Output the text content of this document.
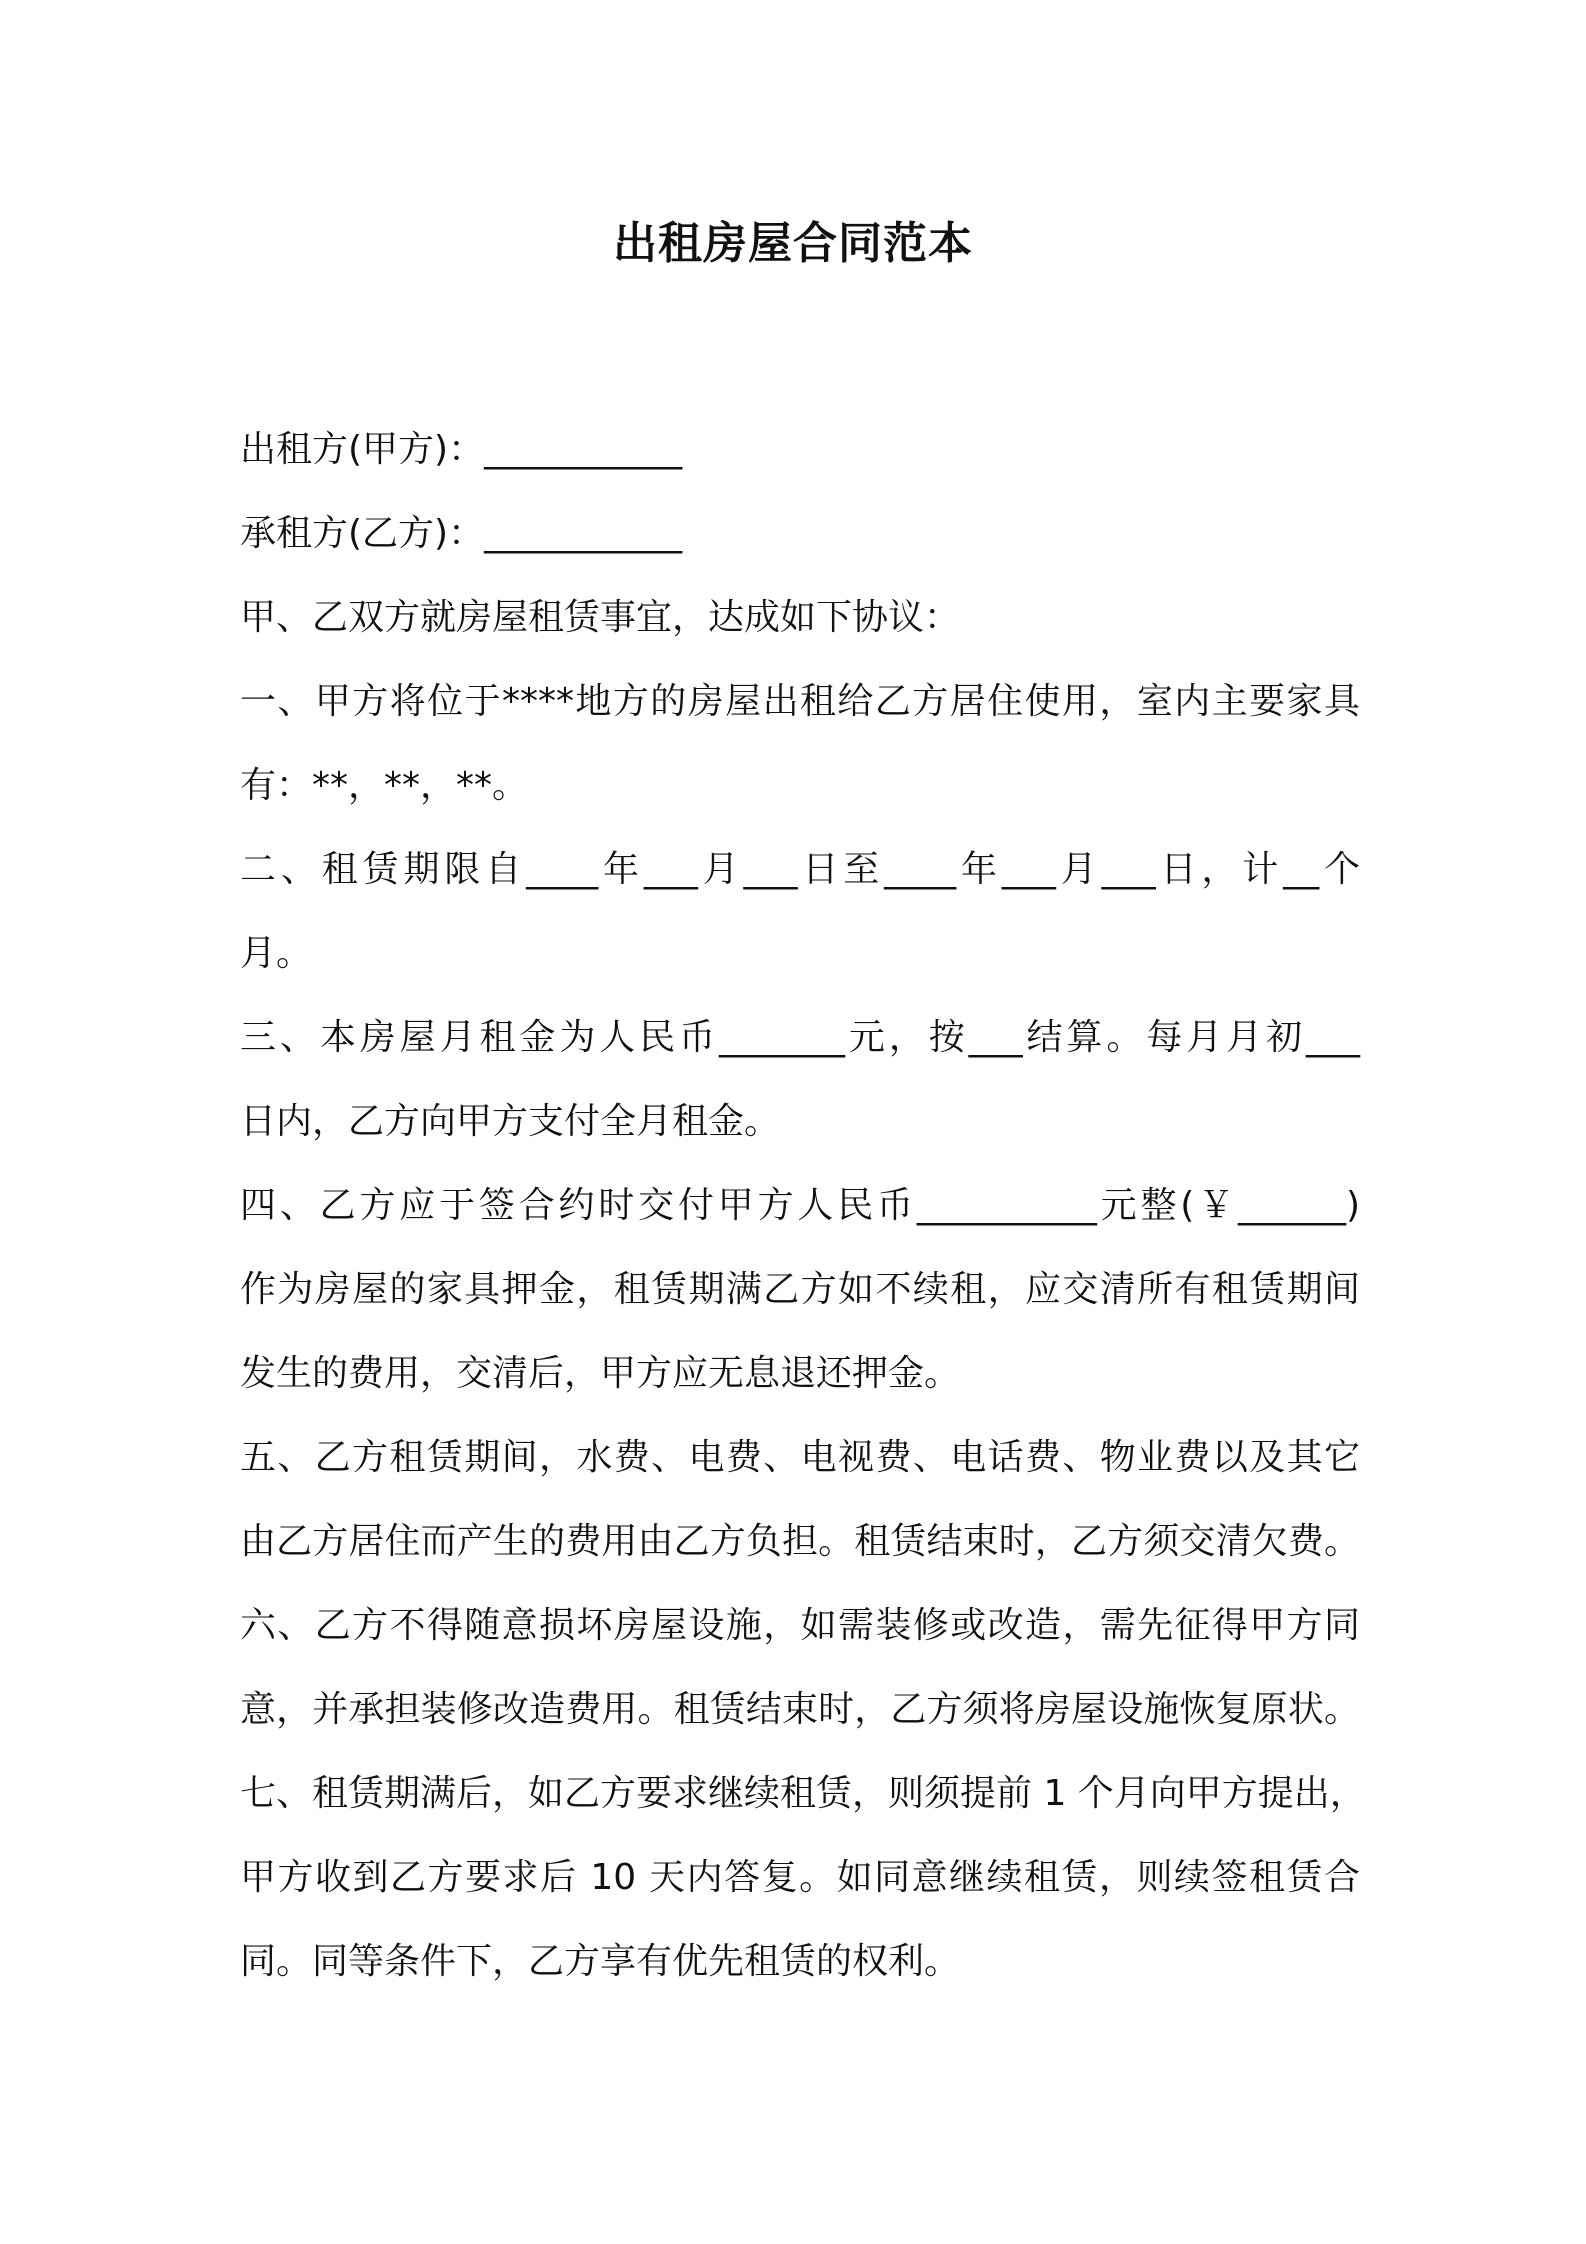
出租房屋合同范本

出租方(甲方)：___________

承租方(乙方)：___________

甲、乙双方就房屋租赁事宜，达成如下协议：

一、甲方将位于****地方的房屋出租给乙方居住使用，室内主要家具

有：**，**，**。

二、租赁期限自____年___月___日至____年___月___日，计__个

月。

三、本房屋月租金为人民币_______元，按___结算。每月月初___

日内，乙方向甲方支付全月租金。

四、乙方应于签合约时交付甲方人民币__________元整(￥______)

作为房屋的家具押金，租赁期满乙方如不续租，应交清所有租赁期间

发生的费用，交清后，甲方应无息退还押金。

五、乙方租赁期间，水费、电费、电视费、电话费、物业费以及其它

由乙方居住而产生的费用由乙方负担。租赁结束时，乙方须交清欠费。

六、乙方不得随意损坏房屋设施，如需装修或改造，需先征得甲方同

意，并承担装修改造费用。租赁结束时，乙方须将房屋设施恢复原状。

七、租赁期满后，如乙方要求继续租赁，则须提前 1 个月向甲方提出，

甲方收到乙方要求后 10 天内答复。如同意继续租赁，则续签租赁合

同。同等条件下，乙方享有优先租赁的权利。
